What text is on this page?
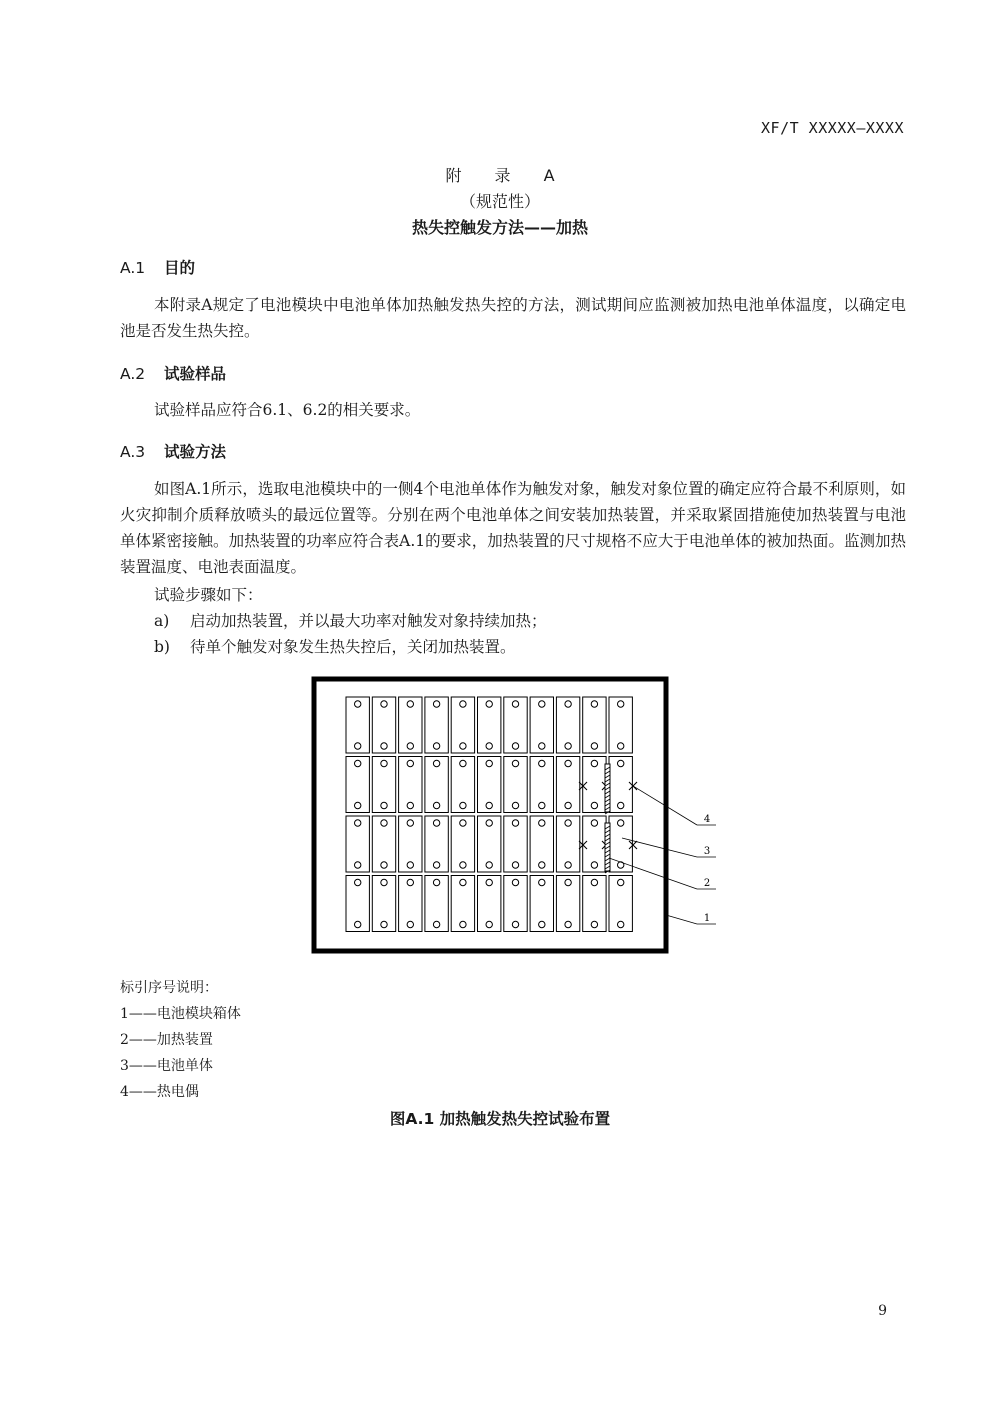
XF/T XXXXX—XXXX
附 录 A
（规范性）
热失控触发方法——加热
A.1 目的
本附录A规定了电池模块中电池单体加热触发热失控的方法，测试期间应监测被加热电池单体温度，以确定电池是否发生热失控。
A.2 试验样品
试验样品应符合6.1、6.2的相关要求。
A.3 试验方法
如图A.1所示，选取电池模块中的一侧4个电池单体作为触发对象，触发对象位置的确定应符合最不利原则，如火灾抑制介质释放喷头的最远位置等。分别在两个电池单体之间安装加热装置，并采取紧固措施使加热装置与电池单体紧密接触。加热装置的功率应符合表A.1的要求，加热装置的尺寸规格不应大于电池单体的被加热面。监测加热装置温度、电池表面温度。
试验步骤如下：
a) 启动加热装置，并以最大功率对触发对象持续加热；
b) 待单个触发对象发生热失控后，关闭加热装置。
4
3
2
1
标引序号说明：
1——电池模块箱体
2——加热装置
3——电池单体
4——热电偶
图A.1 加热触发热失控试验布置
9
